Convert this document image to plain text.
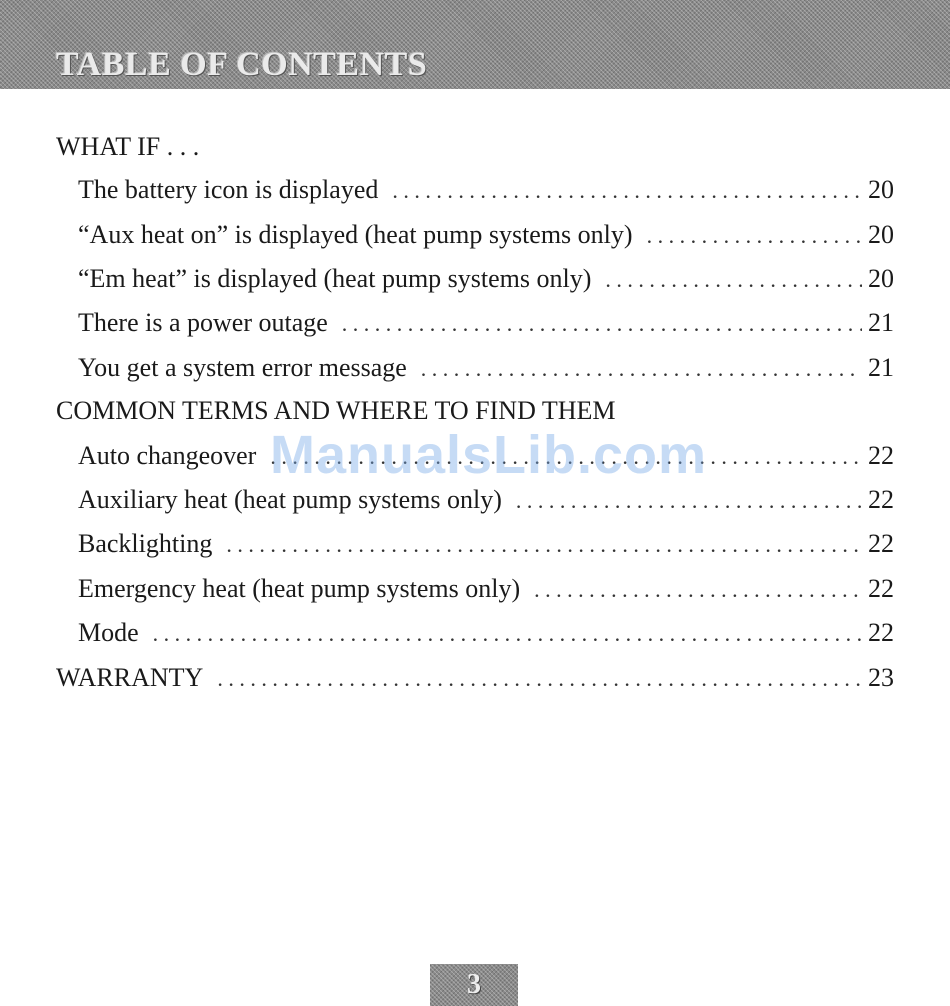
TABLE OF CONTENTS
WHAT IF . . .
The battery icon is displayed . . .	20
“Aux heat on” is displayed (heat pump systems only) . . .	20
“Em heat” is displayed (heat pump systems only) . . .	20
There is a power outage . . .	21
You get a system error message . . .	21
COMMON TERMS AND WHERE TO FIND THEM
Auto changeover . . .	22
Auxiliary heat (heat pump systems only) . . .	22
Backlighting . . .	22
Emergency heat (heat pump systems only) . . .	22
Mode . . .	22
WARRANTY . . .	23
ManualsLib.com
3
